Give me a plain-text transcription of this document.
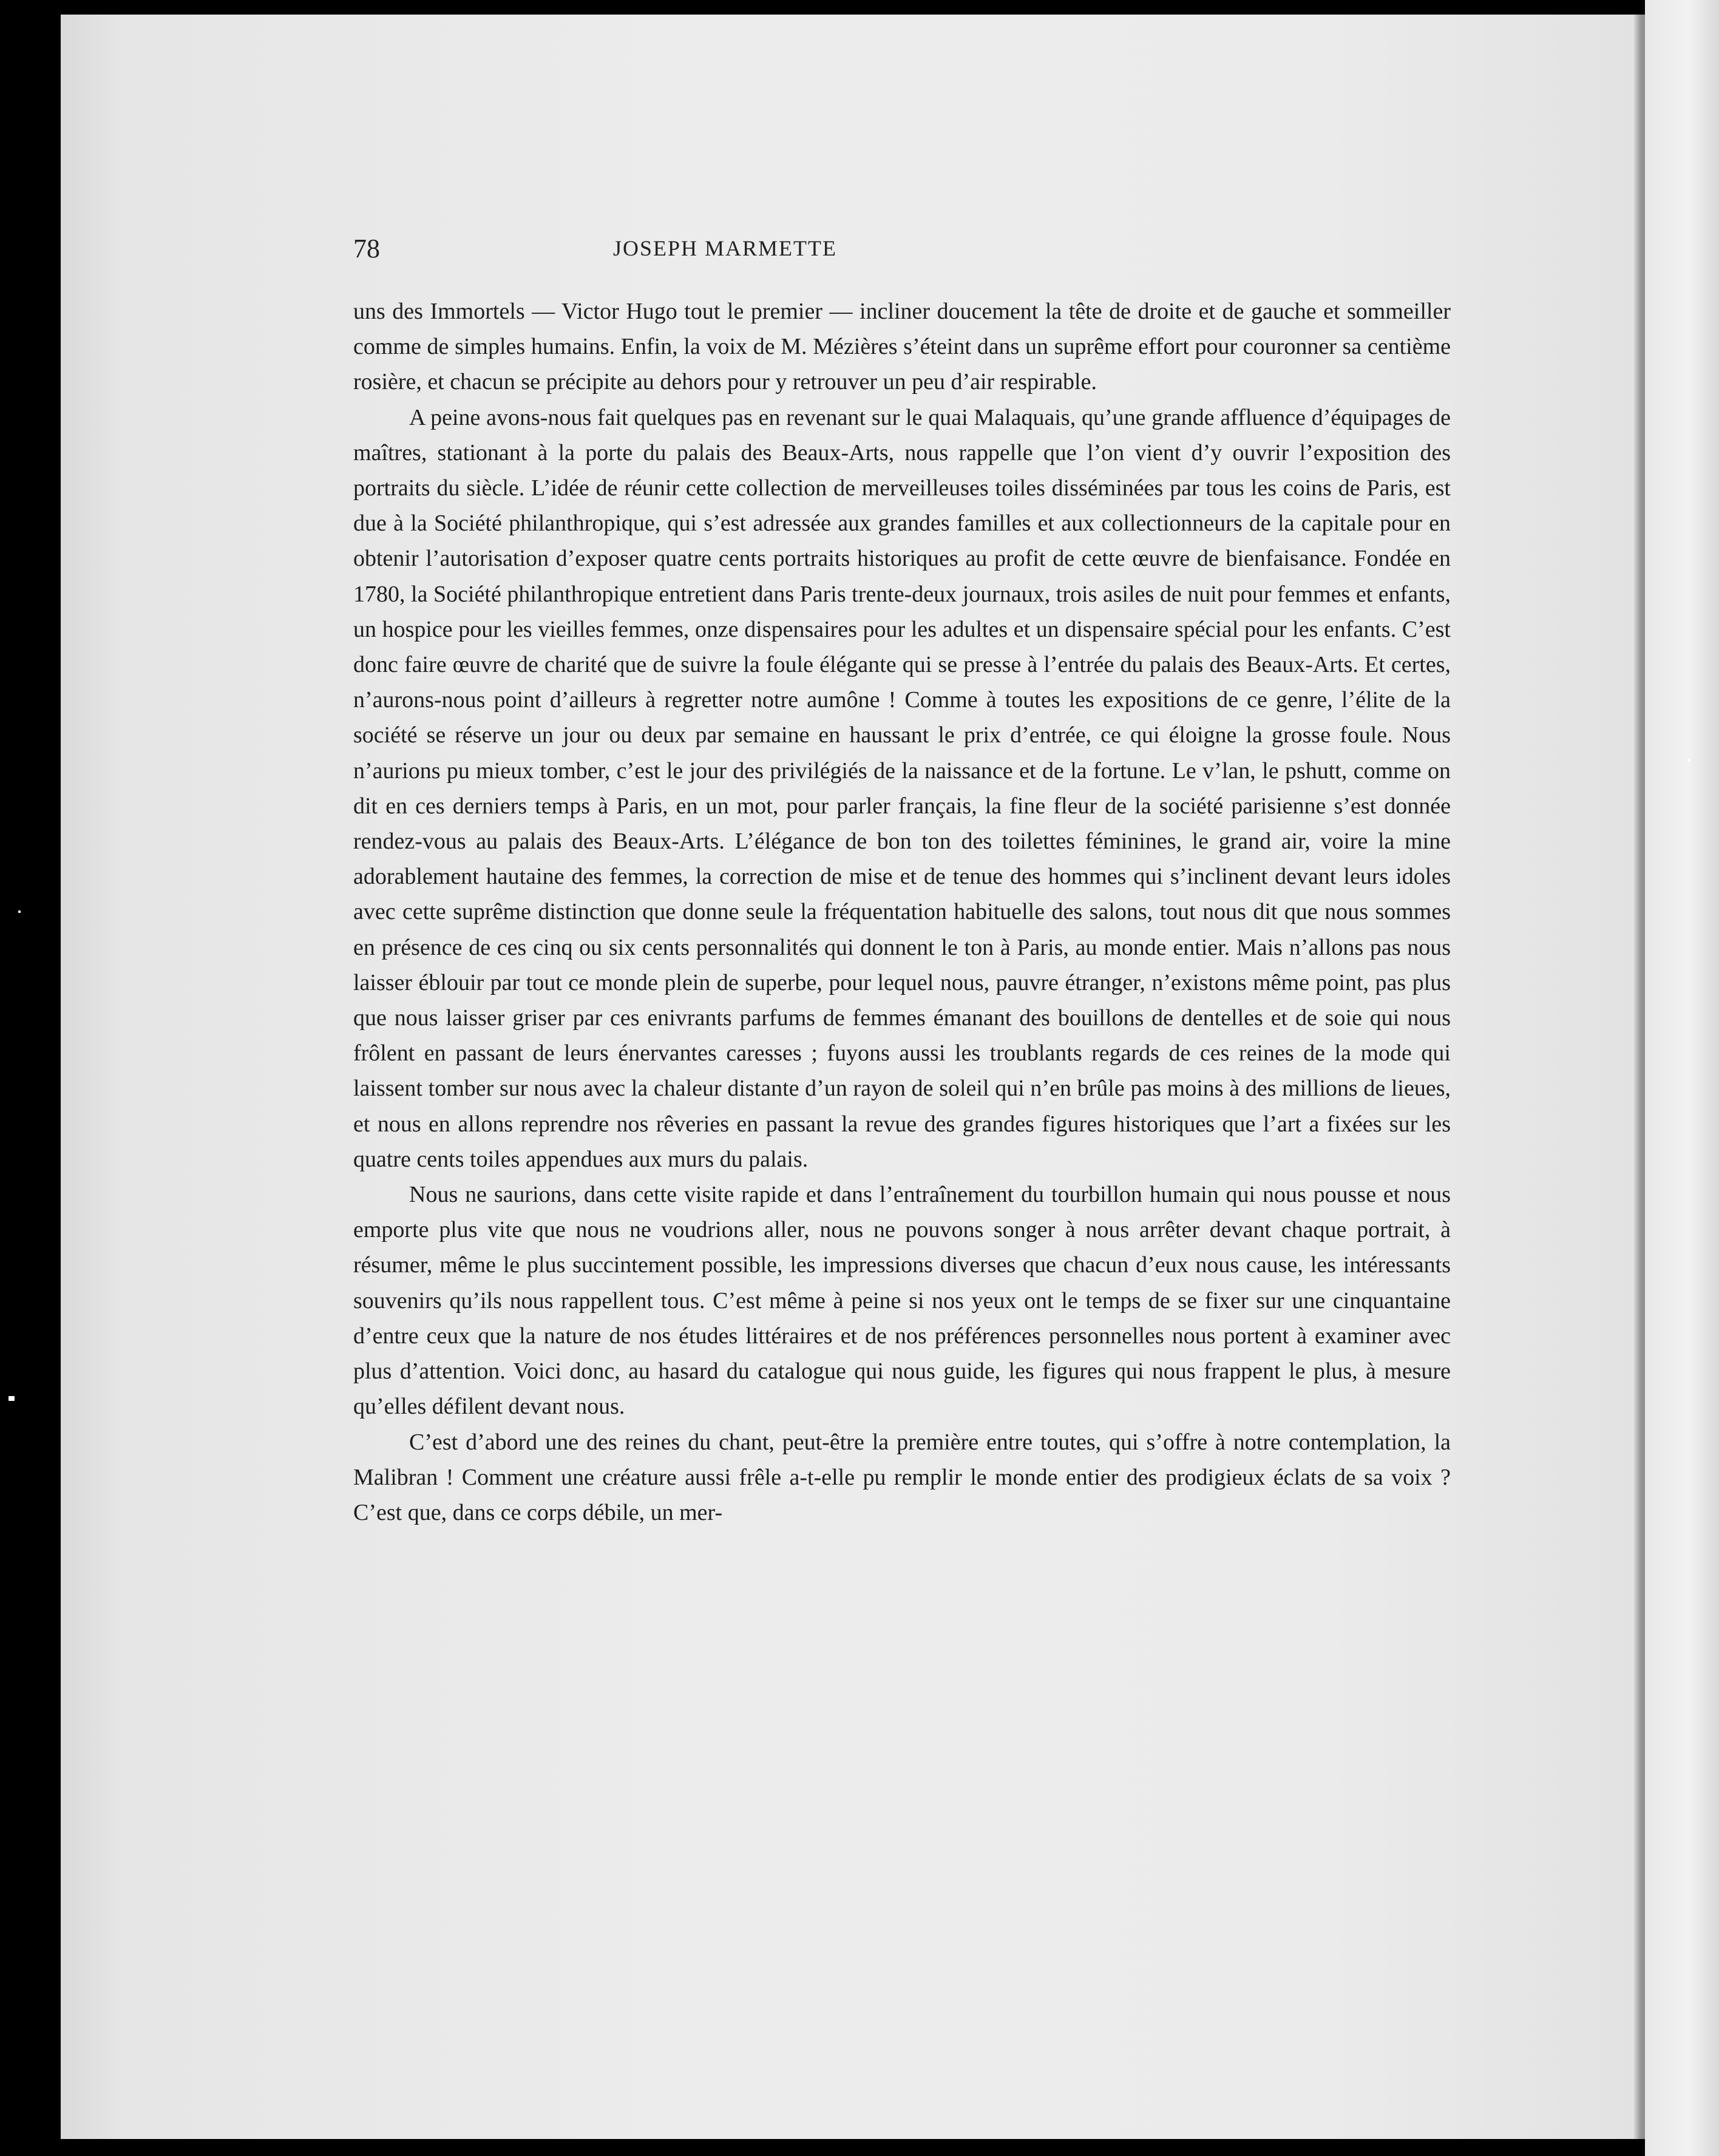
78	JOSEPH MARMETTE

uns des Immortels — Victor Hugo tout le premier — incliner doucement la tête de droite et de gauche et sommeiller comme de simples humains. Enfin, la voix de M. Mézières s’éteint dans un suprême effort pour couronner sa centième rosière, et chacun se précipite au dehors pour y retrouver un peu d’air respirable.

A peine avons-nous fait quelques pas en revenant sur le quai Malaquais, qu’une grande affluence d’équipages de maîtres, stationant à la porte du palais des Beaux-Arts, nous rappelle que l’on vient d’y ouvrir l’exposition des portraits du siècle. L’idée de réunir cette collection de merveilleuses toiles disséminées par tous les coins de Paris, est due à la Société philanthropique, qui s’est adressée aux grandes familles et aux collectionneurs de la capitale pour en obtenir l’autorisation d’exposer quatre cents portraits historiques au profit de cette œuvre de bienfaisance. Fondée en 1780, la Société philanthropique entretient dans Paris trente-deux journaux, trois asiles de nuit pour femmes et enfants, un hospice pour les vieilles femmes, onze dispensaires pour les adultes et un dispensaire spécial pour les enfants. C’est donc faire œuvre de charité que de suivre la foule élégante qui se presse à l’entrée du palais des Beaux-Arts. Et certes, n’aurons-nous point d’ailleurs à regretter notre aumône ! Comme à toutes les expositions de ce genre, l’élite de la société se réserve un jour ou deux par semaine en haussant le prix d’entrée, ce qui éloigne la grosse foule. Nous n’aurions pu mieux tomber, c’est le jour des privilégiés de la naissance et de la fortune. Le v’lan, le pshutt, comme on dit en ces derniers temps à Paris, en un mot, pour parler français, la fine fleur de la société parisienne s’est donnée rendez-vous au palais des Beaux-Arts. L’élégance de bon ton des toilettes féminines, le grand air, voire la mine adorablement hautaine des femmes, la correction de mise et de tenue des hommes qui s’inclinent devant leurs idoles avec cette suprême distinction que donne seule la fréquentation habituelle des salons, tout nous dit que nous sommes en présence de ces cinq ou six cents personnalités qui donnent le ton à Paris, au monde entier. Mais n’allons pas nous laisser éblouir par tout ce monde plein de superbe, pour lequel nous, pauvre étranger, n’existons même point, pas plus que nous laisser griser par ces enivrants parfums de femmes émanant des bouillons de dentelles et de soie qui nous frôlent en passant de leurs énervantes caresses ; fuyons aussi les troublants regards de ces reines de la mode qui laissent tomber sur nous avec la chaleur distante d’un rayon de soleil qui n’en brûle pas moins à des millions de lieues, et nous en allons reprendre nos rêveries en passant la revue des grandes figures historiques que l’art a fixées sur les quatre cents toiles appendues aux murs du palais.

Nous ne saurions, dans cette visite rapide et dans l’entraînement du tourbillon humain qui nous pousse et nous emporte plus vite que nous ne voudrions aller, nous ne pouvons songer à nous arrêter devant chaque portrait, à résumer, même le plus succintement possible, les impressions diverses que chacun d’eux nous cause, les intéressants souvenirs qu’ils nous rappellent tous. C’est même à peine si nos yeux ont le temps de se fixer sur une cinquantaine d’entre ceux que la nature de nos études littéraires et de nos préférences personnelles nous portent à examiner avec plus d’attention. Voici donc, au hasard du catalogue qui nous guide, les figures qui nous frappent le plus, à mesure qu’elles défilent devant nous.

C’est d’abord une des reines du chant, peut-être la première entre toutes, qui s’offre à notre contemplation, la Malibran ! Comment une créature aussi frêle a-t-elle pu remplir le monde entier des prodigieux éclats de sa voix ? C’est que, dans ce corps débile, un mer-
